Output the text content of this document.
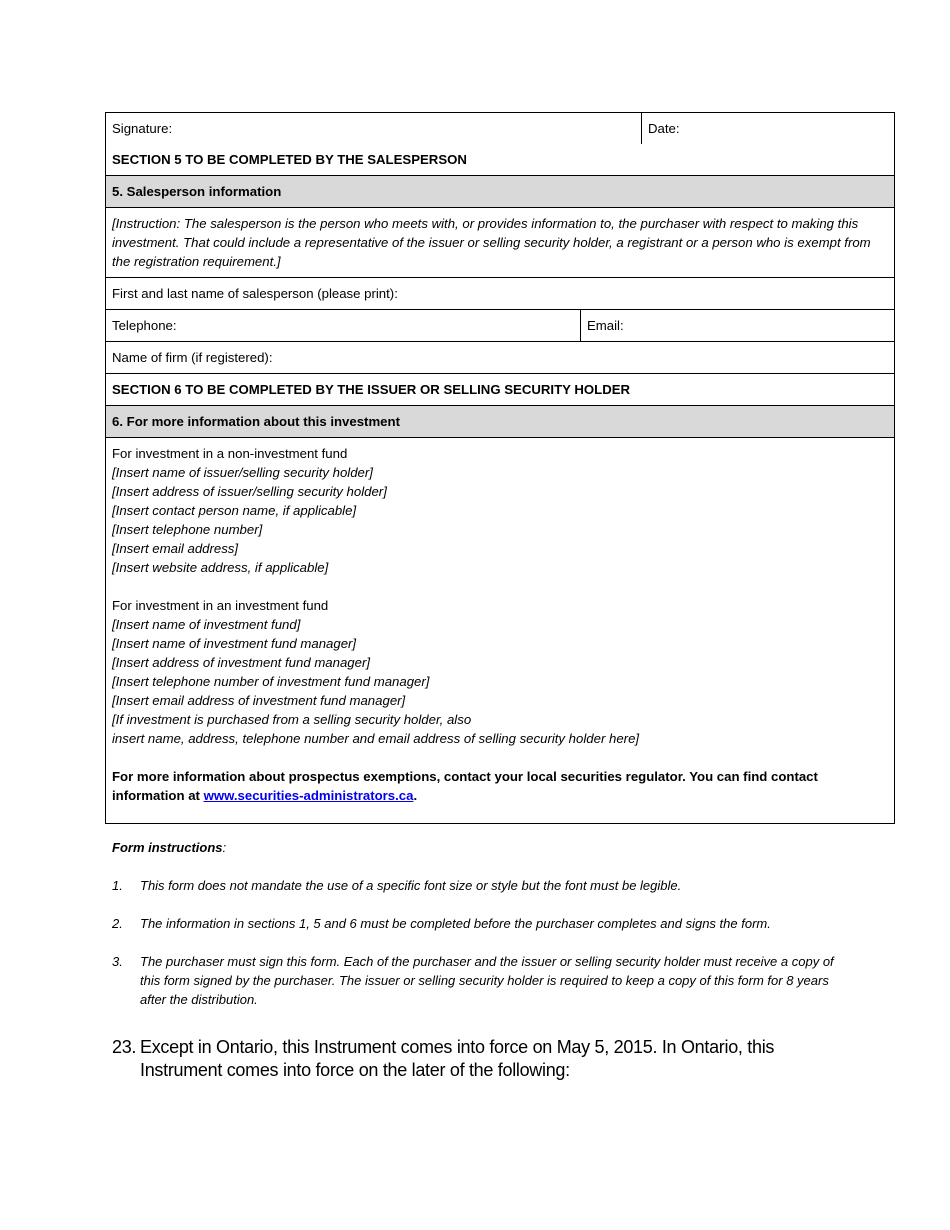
Signature:	Date:
SECTION 5 TO BE COMPLETED BY THE SALESPERSON
5. Salesperson information
[Instruction: The salesperson is the person who meets with, or provides information to, the purchaser with respect to making this investment. That could include a representative of the issuer or selling security holder, a registrant or a person who is exempt from the registration requirement.]
First and last name of salesperson (please print):
Telephone:	Email:
Name of firm (if registered):
SECTION 6 TO BE COMPLETED BY THE ISSUER OR SELLING SECURITY HOLDER
6. For more information about this investment
For investment in a non-investment fund
[Insert name of issuer/selling security holder]
[Insert address of issuer/selling security holder]
[Insert contact person name, if applicable]
[Insert telephone number]
[Insert email address]
[Insert website address, if applicable]
For investment in an investment fund
[Insert name of investment fund]
[Insert name of investment fund manager]
[Insert address of investment fund manager]
[Insert telephone number of investment fund manager]
[Insert email address of investment fund manager]
[If investment is purchased from a selling security holder, also
insert name, address, telephone number and email address of selling security holder here]
For more information about prospectus exemptions, contact your local securities regulator. You can find contact information at www.securities-administrators.ca.
Form instructions:
1.	This form does not mandate the use of a specific font size or style but the font must be legible.
2.	The information in sections 1, 5 and 6 must be completed before the purchaser completes and signs the form.
3.	The purchaser must sign this form. Each of the purchaser and the issuer or selling security holder must receive a copy of this form signed by the purchaser. The issuer or selling security holder is required to keep a copy of this form for 8 years after the distribution.
23. Except in Ontario, this Instrument comes into force on May 5, 2015. In Ontario, this Instrument comes into force on the later of the following:
